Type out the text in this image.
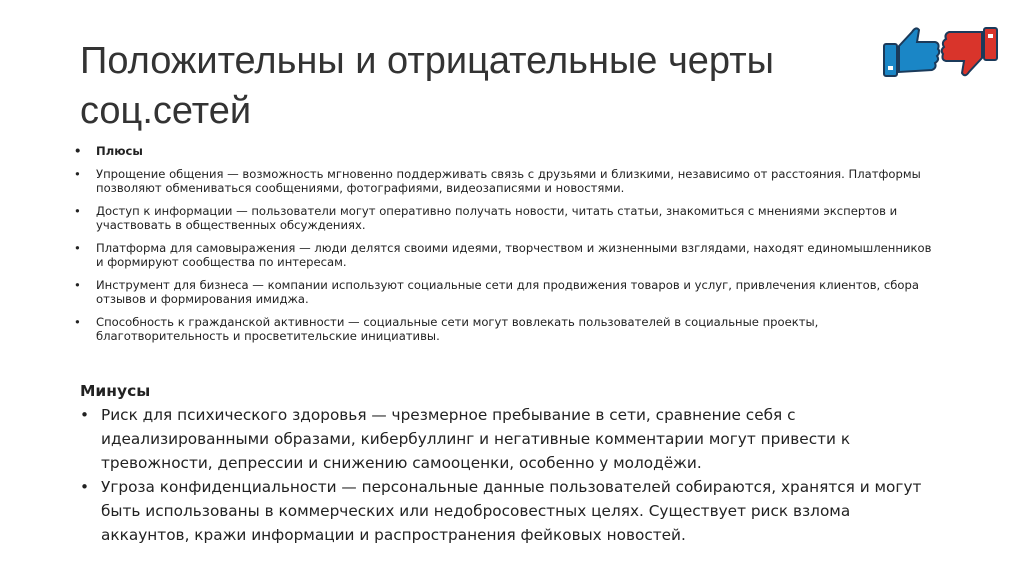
Положительны и отрицательные черты соц.сетей
• Плюсы
• Упрощение общения — возможность мгновенно поддерживать связь с друзьями и близкими, независимо от расстояния. Платформы позволяют обмениваться сообщениями, фотографиями, видеозаписями и новостями.
• Доступ к информации — пользователи могут оперативно получать новости, читать статьи, знакомиться с мнениями экспертов и участвовать в общественных обсуждениях.
• Платформа для самовыражения — люди делятся своими идеями, творчеством и жизненными взглядами, находят единомышленников и формируют сообщества по интересам.
• Инструмент для бизнеса — компании используют социальные сети для продвижения товаров и услуг, привлечения клиентов, сбора отзывов и формирования имиджа.
• Способность к гражданской активности — социальные сети могут вовлекать пользователей в социальные проекты, благотворительность и просветительские инициативы.
Минусы
• Риск для психического здоровья — чрезмерное пребывание в сети, сравнение себя с идеализированными образами, кибербуллинг и негативные комментарии могут привести к тревожности, депрессии и снижению самооценки, особенно у молодёжи.
• Угроза конфиденциальности — персональные данные пользователей собираются, хранятся и могут быть использованы в коммерческих или недобросовестных целях. Существует риск взлома аккаунтов, кражи информации и распространения фейковых новостей.
